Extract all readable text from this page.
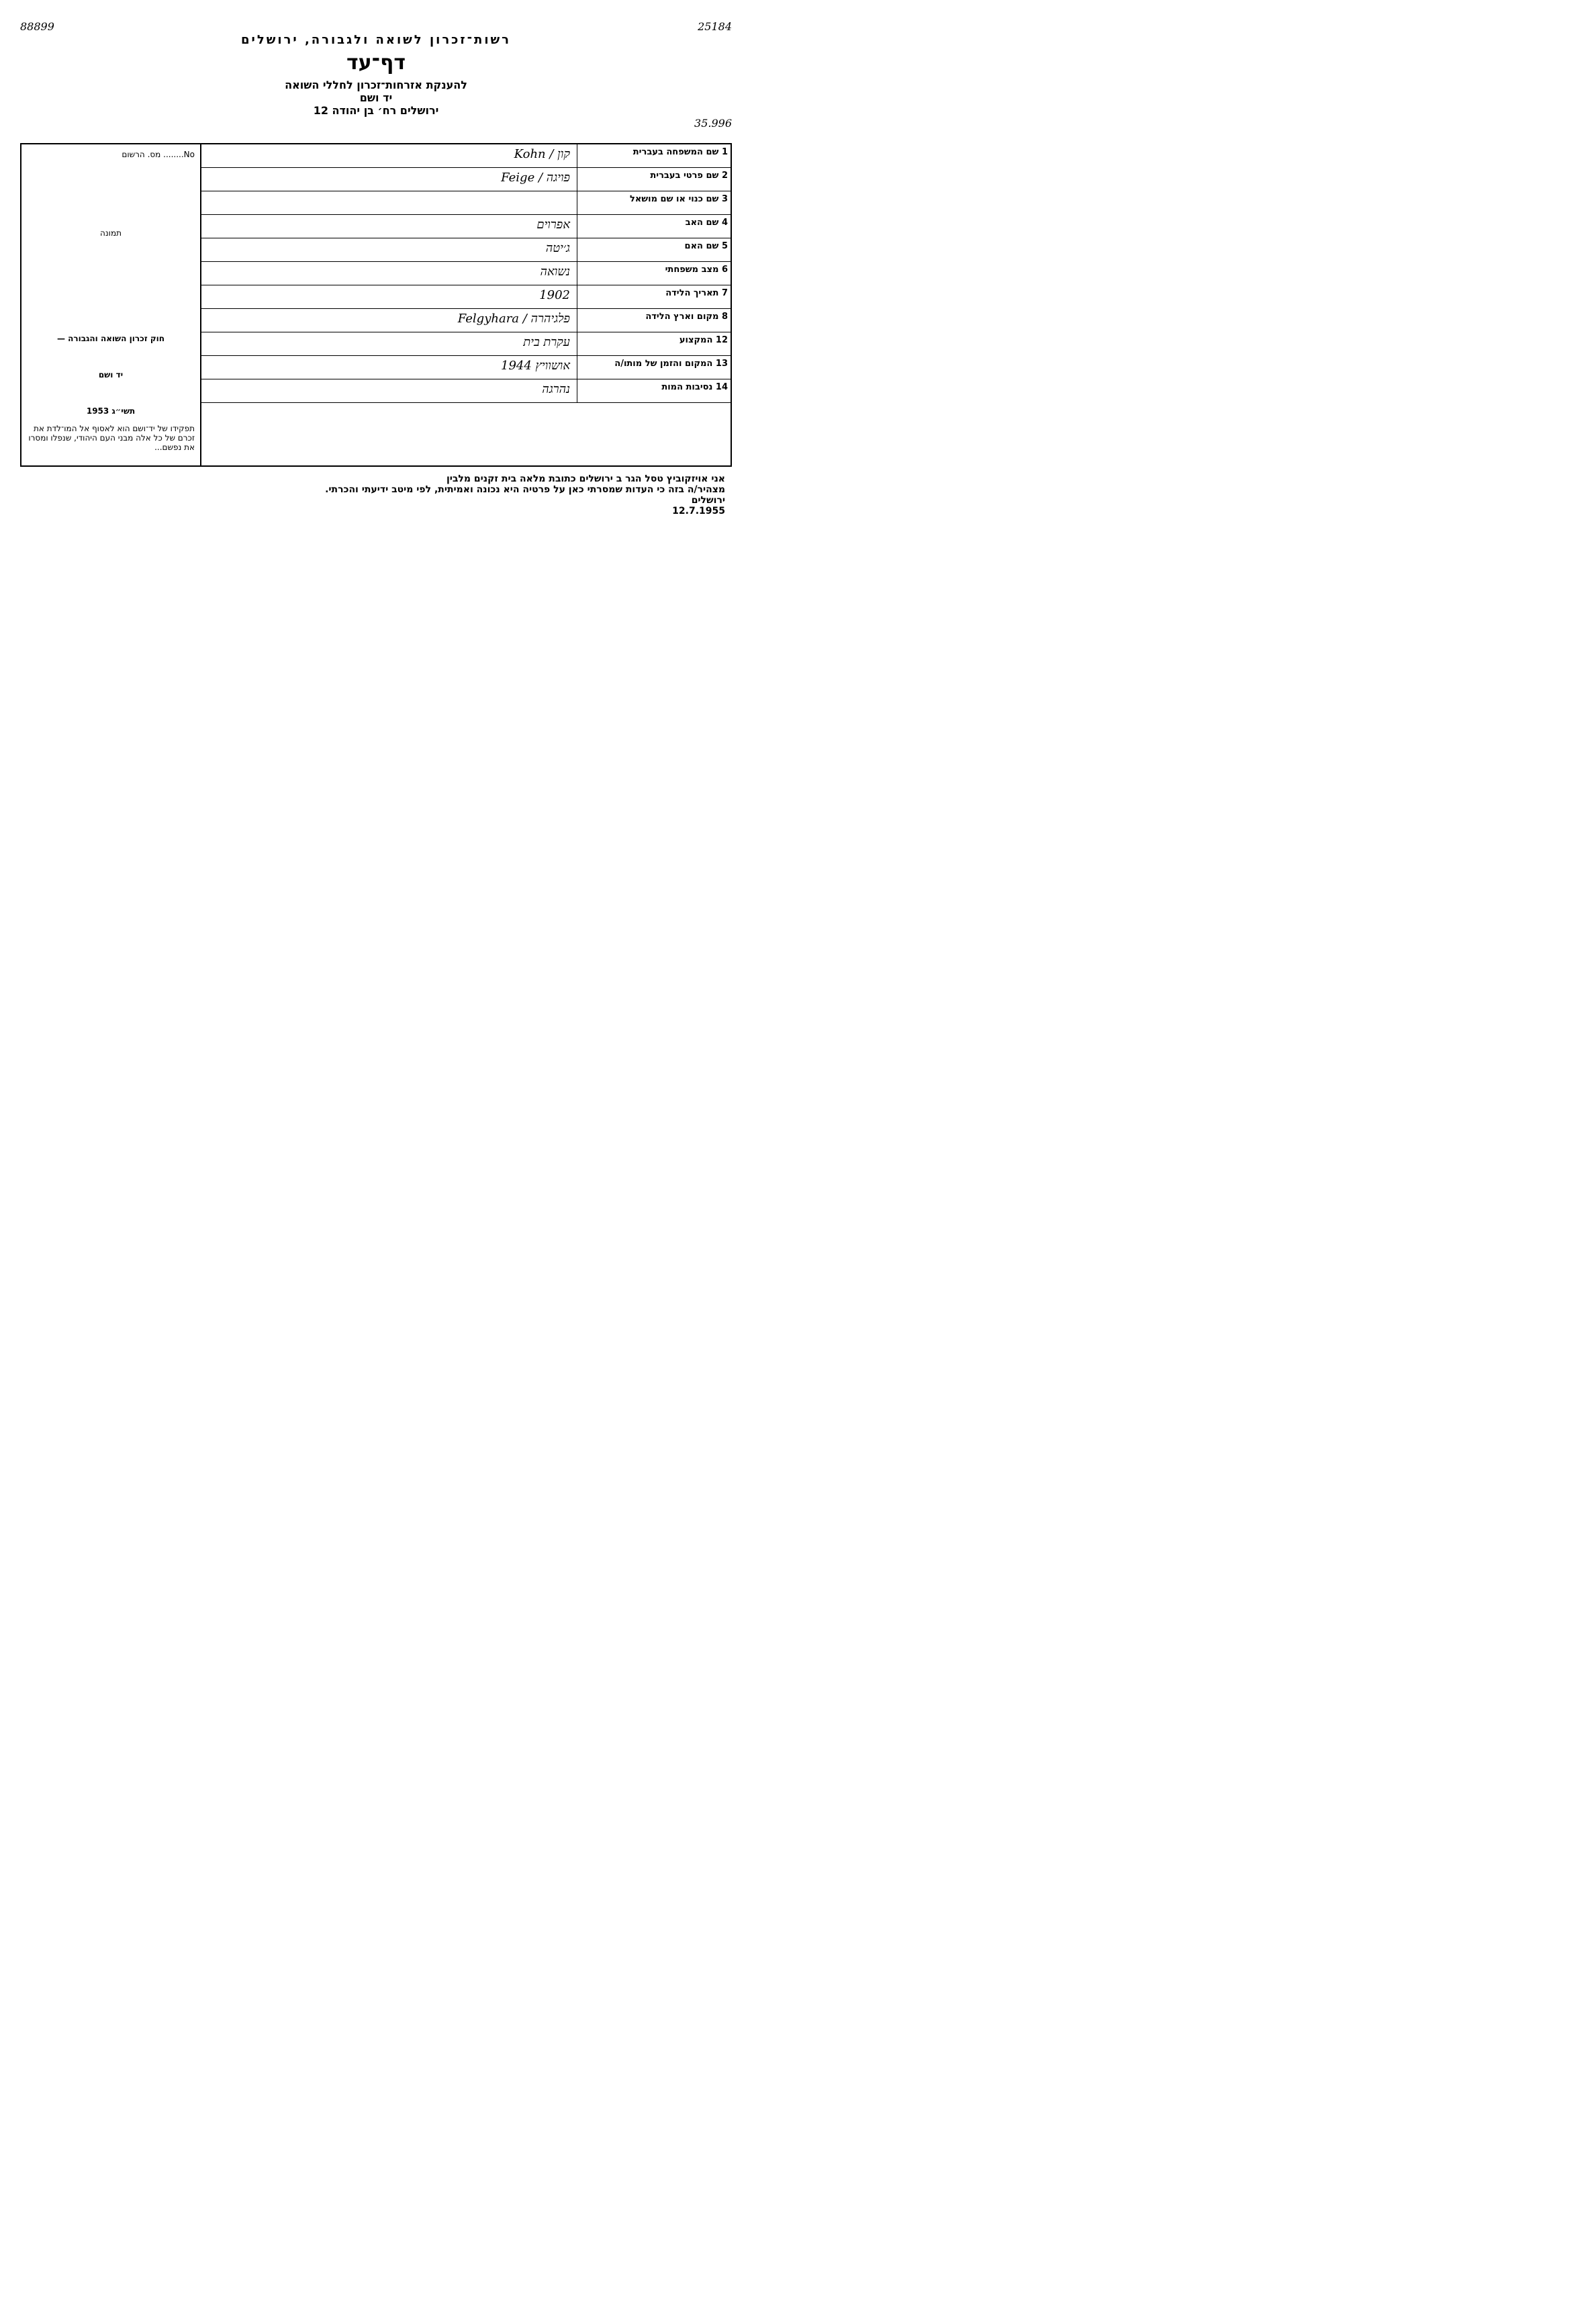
88899	25184
רשות־זכרון לשואה ולגבורה, ירושלים
דף־עד
להענקת אזרחות־זכרון לחללי השואה
יד ושם
ירושלים רח׳ בן יהודה 12
35.996
No........ מס. הרשום
תמונה
חוק זכרון השואה והגבורה —
יד ושם
תשי״ג 1953

תפקידו של יד־ושם הוא לאסוף אל המו־לדת את זכרם של כל אלה מבני העם היהודי, שנפלו ומסרו את נפשם...

1 שם המשפחה בעברית
קון / Kohn
2 שם פרטי בעברית
פויגה / Feige
3 שם כנוי או שם מושאל
4 שם האב
אפרוים
5 שם האם
ג׳יטה
6 מצב משפחתי
נשואה
7 תאריך הלידה
1902
8 מקום וארץ הלידה
פלגיהרה / Felgyhara
12 המקצוע
עקרת בית
13 המקום והזמן של מותו/ה
אושוויץ 1944
14 נסיבות המות
נהרגה
אני אויזקוביץ טסל הגר ב ירושלים כתובת מלאה בית זקנים מלבין
מצהיר/ה בזה כי העדות שמסרתי כאן על פרטיה היא נכונה ואמיתית, לפי מיטב ידיעתי והכרתי.
ירושלים
12.7.1955
